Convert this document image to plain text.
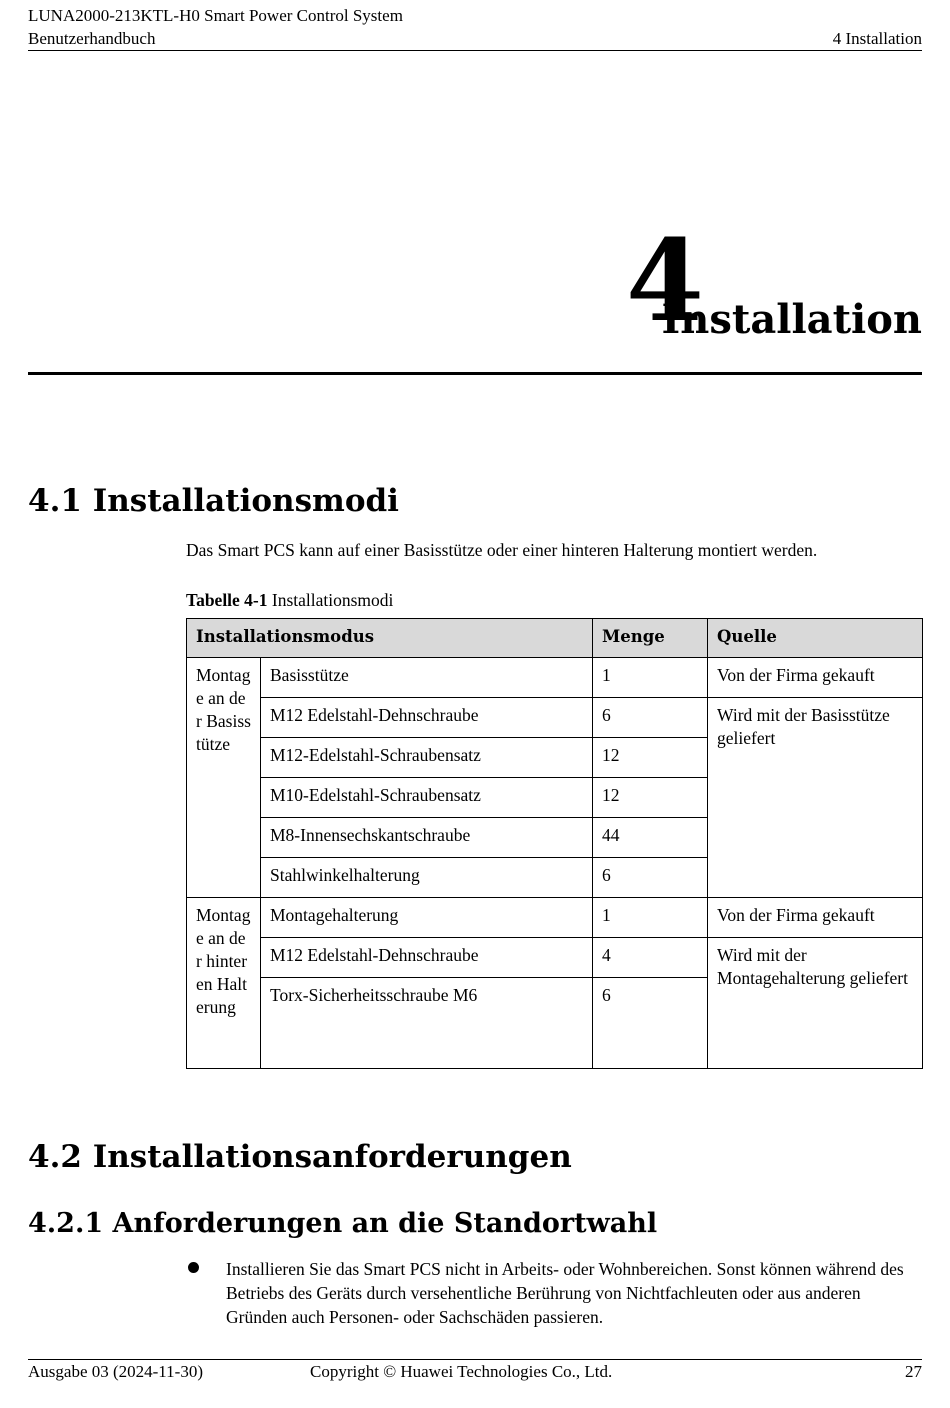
LUNA2000-213KTL-H0 Smart Power Control System
Benutzerhandbuch	4 Installation
4
Installation
4.1 Installationsmodi
Das Smart PCS kann auf einer Basisstütze oder einer hinteren Halterung montiert werden.
Tabelle 4-1 Installationsmodi
Installationsmodus		Menge	Quelle
Montage an der Basisstütze	Basisstütze	1	Von der Firma gekauft
	M12 Edelstahl-Dehnschraube	6	Wird mit der Basisstütze geliefert
	M12-Edelstahl-Schraubensatz	12	
	M10-Edelstahl-Schraubensatz	12	
	M8-Innensechskantschraube	44	
	Stahlwinkelhalterung	6	
Montage an der hinteren Halterung	Montagehalterung	1	Von der Firma gekauft
	M12 Edelstahl-Dehnschraube	4	Wird mit der Montagehalterung geliefert
	Torx-Sicherheitsschraube M6	6	
4.2 Installationsanforderungen
4.2.1 Anforderungen an die Standortwahl
Installieren Sie das Smart PCS nicht in Arbeits- oder Wohnbereichen. Sonst können während des Betriebs des Geräts durch versehentliche Berührung von Nichtfachleuten oder aus anderen Gründen auch Personen- oder Sachschäden passieren.
Ausgabe 03 (2024-11-30)	Copyright © Huawei Technologies Co., Ltd.	27
